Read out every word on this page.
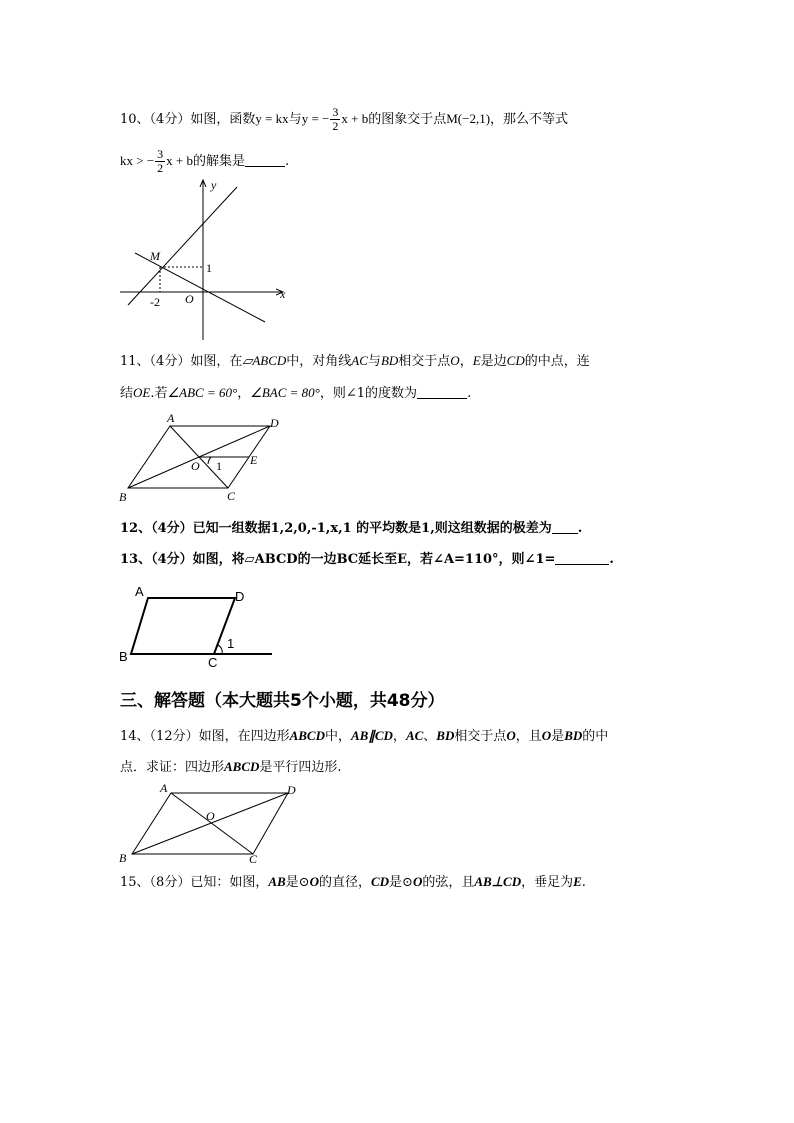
10、（4分）如图，函数y = kx与y = − $\frac{3}{2}$ x + b的图象交于点M(−2,1)，那么不等式
kx > − $\frac{3}{2}$ x + b的解集是	.
y
x
M
1
-2 O
11、（4分）如图，在▱ABCD中，对角线AC与BD相交于点O，E是边CD的中点，连
结OE.若∠ABC = 60°，∠BAC = 80°，则∠1的度数为	.
A	D
O 1 E
B	C
12、（4分）已知一组数据1,2,0,-1,x,1 的平均数是1,则这组数据的极差为 .
13、（4分）如图，将▱ABCD的一边BC延长至E，若∠A=110°，则∠1=	.
A	D
B	C
1
三、解答题（本大题共5个小题，共48分）
14、（12分）如图，在四边形ABCD中，AB∥CD，AC、BD相交于点O，且O是BD的中
点．求证：四边形ABCD是平行四边形.
A	D
O
B	C
15、（8分）已知：如图，AB是⊙O的直径，CD是⊙O的弦，且AB⊥CD，垂足为E.
